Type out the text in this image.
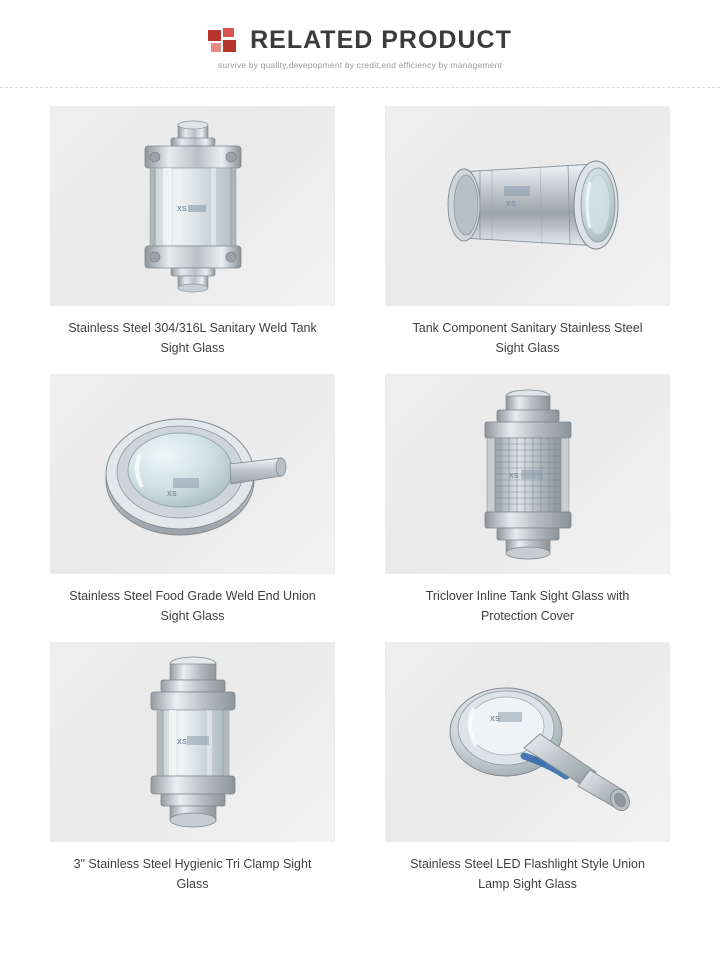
RELATED PRODUCT
survive by quality,devepopment by credit,end efficiency by management
XS
Stainless Steel 304/316L Sanitary Weld Tank Sight Glass
XS
Tank Component Sanitary Stainless Steel Sight Glass
XS
Stainless Steel Food Grade Weld End Union Sight Glass
XS
Triclover Inline Tank Sight Glass with Protection Cover
XS
3" Stainless Steel Hygienic Tri Clamp Sight Glass
XS
Stainless Steel LED Flashlight Style Union Lamp Sight Glass
